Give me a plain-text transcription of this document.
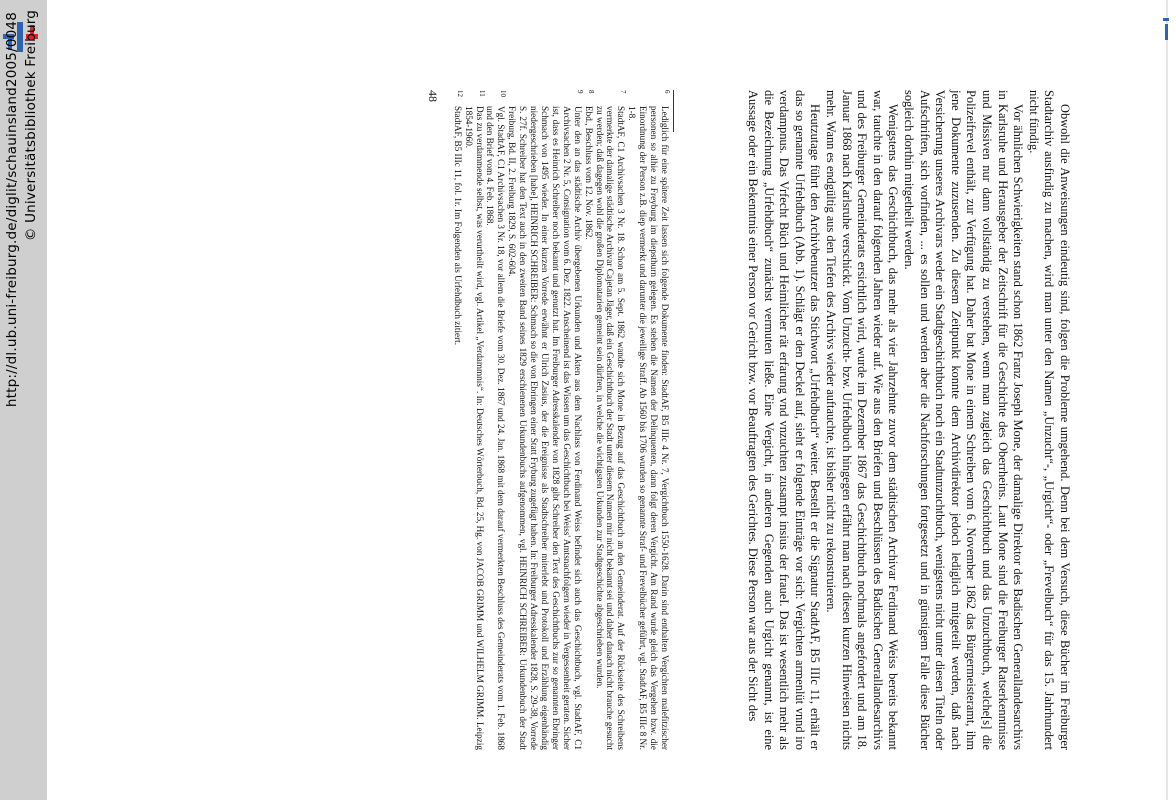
http://dl.ub.uni-freiburg.de/diglit/schauinsland2005/0048 © Universitätsbibliothek Freiburg	Obwohl die Anweisungen eindeutig sind, folgen die Probleme umgehend. Denn bei dem Versuch, diese Bücher im Freiburger Stadtarchiv ausfindig zu machen, wird man unter den Namen „Unzucht“-, „Urgicht“- oder „Frevelbuch“ für das 15. Jahrhundert nicht fündig.

Vor ähnlichen Schwierigkeiten stand schon 1862 Franz Joseph Mone, der damalige Direktor des Badischen Generallandesarchivs in Karlsruhe und Herausgeber der Zeitschrift für die Geschichte des Oberrheins. Laut Mone sind die Freiburger Ratserkenntnisse und Missiven nur dann vollständig zu verstehen, wenn man zugleich das Geschichtbuch und das Unzuchtbuch, welche[s] die Polizeifrevel enthält, zur Verfügung hat. Daher bat Mone in einem Schreiben vom 6. November 1862 das Bürgermeisteramt, ihm jene Dokumente zuzusenden. Zu diesem Zeitpunkt konnte dem Archivdirektor jedoch lediglich mitgeteilt werden, daß nach Versicherung unseres Archivars weder ein Stadtgeschichtbuch noch ein Stadtunzuchtbuch, wenigstens nicht unter diesen Titeln oder Aufschriften, sich vorfinden, ... es sollen und werden aber die Nachforschungen fortgesetzt und in günstigem Falle diese Bücher sogleich dorthin mitgetheilt werden.

Wenigstens das Geschichtbuch, das mehr als vier Jahrzehnte zuvor dem städtischen Archivar Ferdinand Weiss bereits bekannt war, tauchte in den darauf folgenden Jahren wieder auf. Wie aus den Briefen und Beschlüssen des Badischen Generallandesarchivs und des Freiburger Gemeinderats ersichtlich wird, wurde im Dezember 1867 das Geschichtbuch nochmals angefordert und am 18. Januar 1868 nach Karlsruhe verschickt. Vom Unzucht- bzw. Urfehdbuch hingegen erfährt man nach diesen kurzen Hinweisen nichts mehr. Wann es endgültig aus den Tiefen des Archivs wieder auftauchte, ist bisher nicht zu rekonstruieren.

Heutzutage führt den Archivbenutzer das Stichwort „Urfehdbuch“ weiter. Bestellt er die Signatur StadtAF, B5 IIIc 11, erhält er das so genannte Urfehdbuch (Abb. 1). Schlägt er den Deckel auf, sieht er folgende Einträge vor sich: Vergichten armenlüt vnnd iro verdampnus. Das Vrfecht Büch und Heimlicher rät erfarung vnd vnzuchten zusampt insius der fraueI. Das ist wesentlich mehr als die Bezeichnung „Urfehdbuch“ zunächst vermuten ließe. Eine Vergicht, in anderen Gegenden auch Urgicht genannt, ist eine Aussage oder ein Bekenntnis einer Person vor Gericht bzw. vor Beauftragten des Gerichtes. Diese Person war aus der Sicht des

6
Lediglich für eine spätere Zeit lassen sich folgende Dokumente finden: StadtAF, B5 IIIc 4 Nr. 7, Vergichtbuch 1550-1628. Darin sind enthalten Vergichten malefitzischer personen so alhie zu Freyburg im diepsthurn gelegen. Es stehen die Namen der Delinquenten, dann folgt deren Vergicht. Am Rand wurde gleich das Vergehen bzw. die Einordnung der Person z.B. diep vermerkt und darunter die jeweilige Straff. Ab 1560 bis 1706 wurden so genannte Straf- und Frevelbücher geführt, vgl. StadtAF, B5 IIIc 8 Nr. 1-8.

7
StadtAF, C1 Archivsachen 3 Nr. 18. Schon am 5. Sept. 1862 wandte sich Mone in Bezug auf das Geschichtbuch an den Gemeinderat. Auf der Rückseite des Schreibens vermerkte der damalige städtische Archivar Cajetan Jäger, daß ein Geschichtbuch der Stadt unter diesem Namen mir nicht bekannt sei und daher danach nicht brauche gesucht zu werden; daß dagegen wohl die großen Diplomatarien gemeint sein dürften, in welche die wichtigsten Urkunden zur Stadtgeschichte abgeschrieben wurden.

8
Ebd., Beschluss vom 12. Nov. 1862.

9
Unter den an das städtische Archiv übergebenen Urkunden und Akten aus dem Nachlass von Ferdinand Weiss befindet sich auch das Geschichtbuch, vgl. StadtAF, C1 Archivsachen 2 Nr. 5, Consignation vom 6. Dez. 1822. Anscheinend ist das Wissen um das Geschichtbuch bei Weiss' Amtsnachfolgern wieder in Vergessenheit geraten. Sicher ist, dass es Heinrich Schreiber noch bekannt und genutzt hat. Im Freiburger Adresskalender von 1828 gibt Schreiber den Text des Geschichtbuchs zur so genannten Ebringer Schmach von 1495 wieder. In einer kurzen Vorrede erwähnt er Ulrich Zasius, der die Ereignisse als Stadtschreiber miterlebt und Protokoll und Erzählung eigenhändig niedergeschrieben [habe], HEINRICH SCHREIBER: Schmach so die von Ebringen einer Statt Fryburg zugefügt haben. In: Freiburger Adresskalender 1828, S. 29-38, Vorrede S. 27f. Schreiber hat den Text auch in den zweiten Band seines 1829 erschienenen Urkundenbuchs aufgenommen, vgl. HEINRICH SCHREIBER: Urkundenbuch der Stadt Freiburg, Bd. II, 2. Freiburg 1829, S. 602-604.

10
Vgl. StadtAF, C1 Archivsachen 3 Nr. 18, vor allem die Briefe vom 30. Dez. 1867 und 24. Jan. 1868 mit dem darauf vermerkten Beschluss des Gemeinderats vom 1. Feb. 1868 und den Brief vom 4. Feb. 1868.

11
Das zu verdammende selbst, was verurtheilt wird, vgl. Artikel „Verdammnis“. In: Deutsches Wörterbuch, Bd. 25, Hg. von JACOB GRIMM und WILHELM GRIMM. Leipzig 1854-1960.

12
StadtAF, B5 IIIc 11, fol. 1r. Im Folgenden als Urfehdbuch zitiert.

48
